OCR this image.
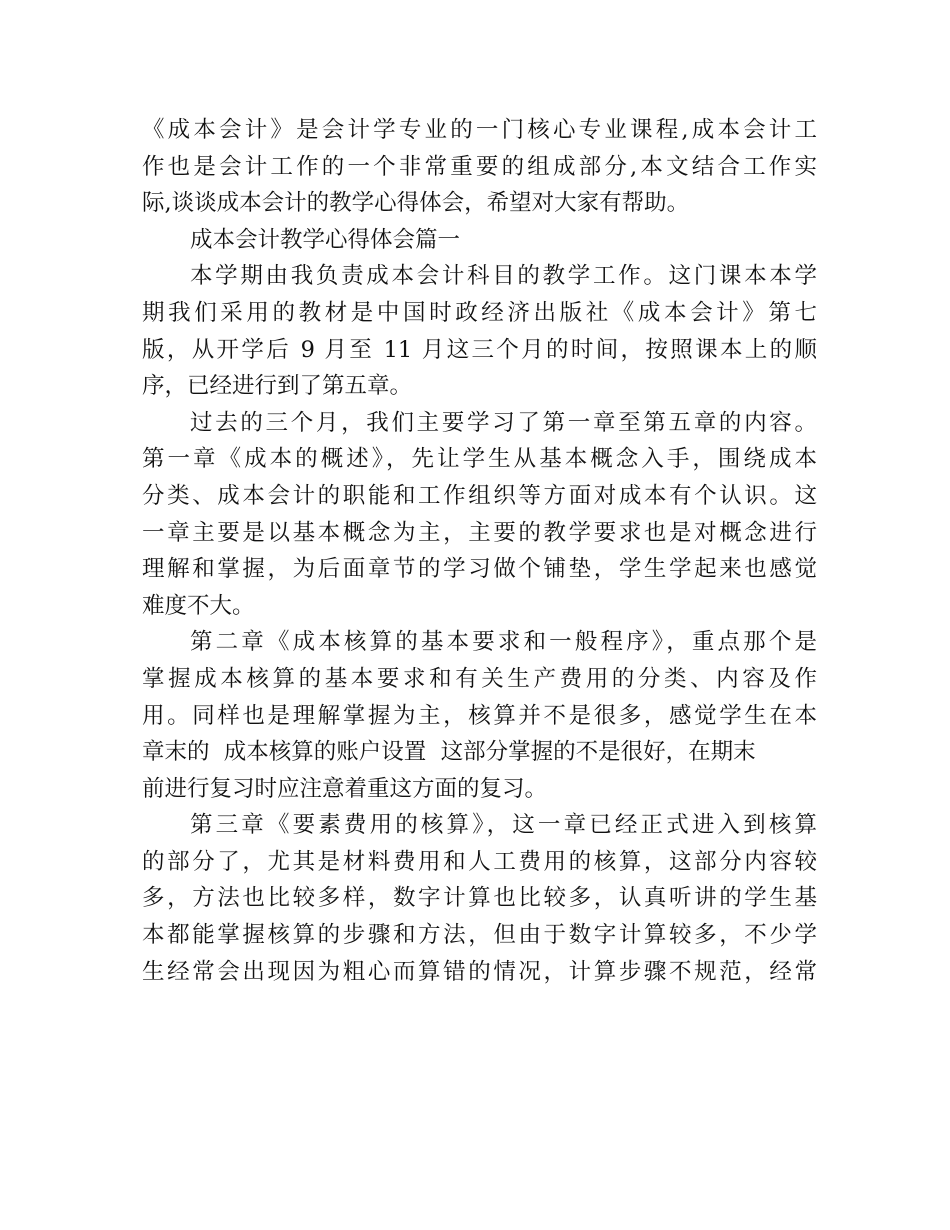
《成本会计》是会计学专业的一门核心专业课程,成本会计工
作也是会计工作的一个非常重要的组成部分,本文结合工作实
际,谈谈成本会计的教学心得体会，希望对大家有帮助。
成本会计教学心得体会篇一
本学期由我负责成本会计科目的教学工作。这门课本本学
期我们采用的教材是中国时政经济出版社《成本会计》第七
版，从开学后 9 月至 11 月这三个月的时间，按照课本上的顺
序，已经进行到了第五章。
过去的三个月，我们主要学习了第一章至第五章的内容。
第一章《成本的概述》，先让学生从基本概念入手，围绕成本
分类、成本会计的职能和工作组织等方面对成本有个认识。这
一章主要是以基本概念为主，主要的教学要求也是对概念进行
理解和掌握，为后面章节的学习做个铺垫，学生学起来也感觉
难度不大。
第二章《成本核算的基本要求和一般程序》，重点那个是
掌握成本核算的基本要求和有关生产费用的分类、内容及作
用。同样也是理解掌握为主，核算并不是很多，感觉学生在本
章末的  成本核算的账户设置  这部分掌握的不是很好，在期末
前进行复习时应注意着重这方面的复习。
第三章《要素费用的核算》，这一章已经正式进入到核算
的部分了，尤其是材料费用和人工费用的核算，这部分内容较
多，方法也比较多样，数字计算也比较多，认真听讲的学生基
本都能掌握核算的步骤和方法，但由于数字计算较多，不少学
生经常会出现因为粗心而算错的情况，计算步骤不规范，经常
